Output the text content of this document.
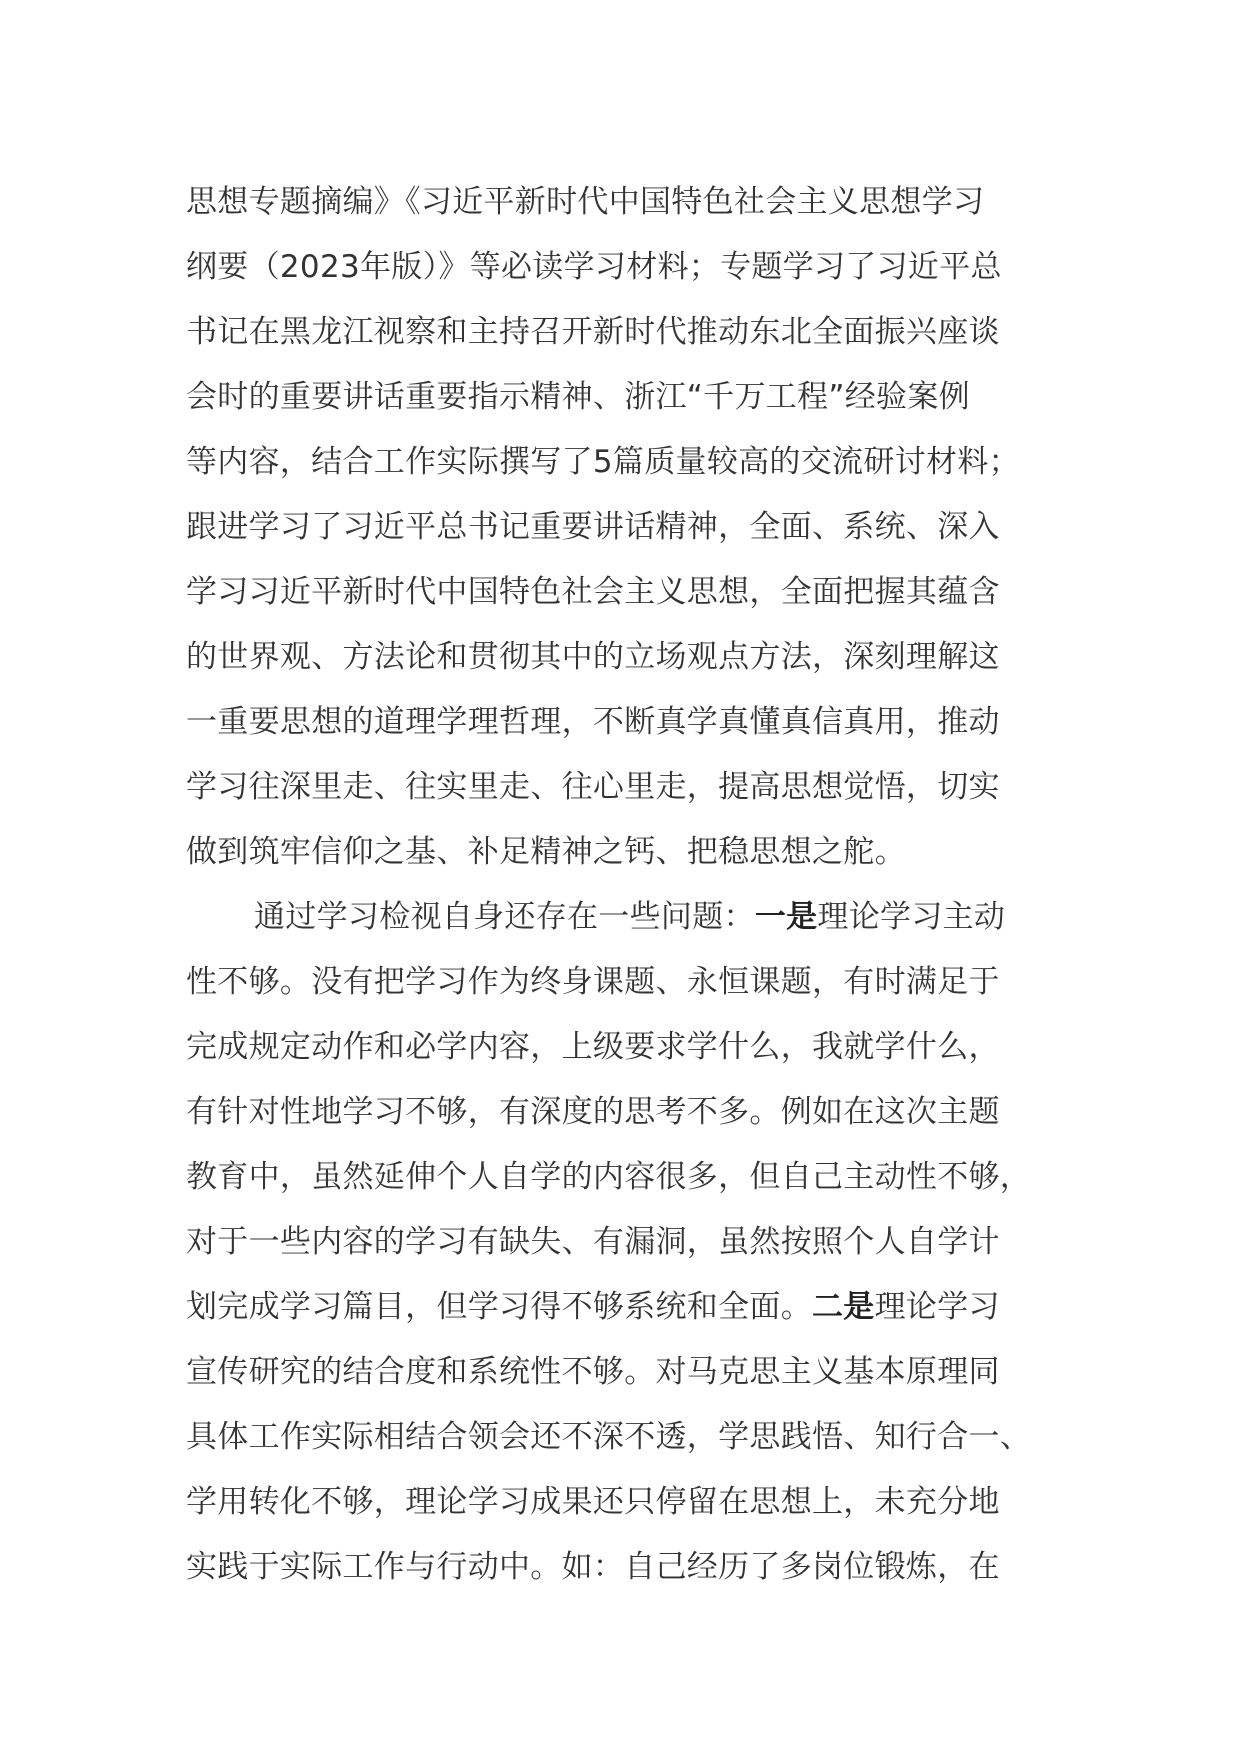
思想专题摘编》《习近平新时代中国特色社会主义思想学习
纲要（2023年版）》等必读学习材料；专题学习了习近平总
书记在黑龙江视察和主持召开新时代推动东北全面振兴座谈
会时的重要讲话重要指示精神、浙江“千万工程”经验案例
等内容，结合工作实际撰写了5篇质量较高的交流研讨材料；
跟进学习了习近平总书记重要讲话精神，全面、系统、深入
学习习近平新时代中国特色社会主义思想，全面把握其蕴含
的世界观、方法论和贯彻其中的立场观点方法，深刻理解这
一重要思想的道理学理哲理，不断真学真懂真信真用，推动
学习往深里走、往实里走、往心里走，提高思想觉悟，切实
做到筑牢信仰之基、补足精神之钙、把稳思想之舵。
通过学习检视自身还存在一些问题：一是理论学习主动
性不够。没有把学习作为终身课题、永恒课题，有时满足于
完成规定动作和必学内容，上级要求学什么，我就学什么，
有针对性地学习不够，有深度的思考不多。例如在这次主题
教育中，虽然延伸个人自学的内容很多，但自己主动性不够，
对于一些内容的学习有缺失、有漏洞，虽然按照个人自学计
划完成学习篇目，但学习得不够系统和全面。二是理论学习
宣传研究的结合度和系统性不够。对马克思主义基本原理同
具体工作实际相结合领会还不深不透，学思践悟、知行合一、
学用转化不够，理论学习成果还只停留在思想上，未充分地
实践于实际工作与行动中。如：自己经历了多岗位锻炼，在
